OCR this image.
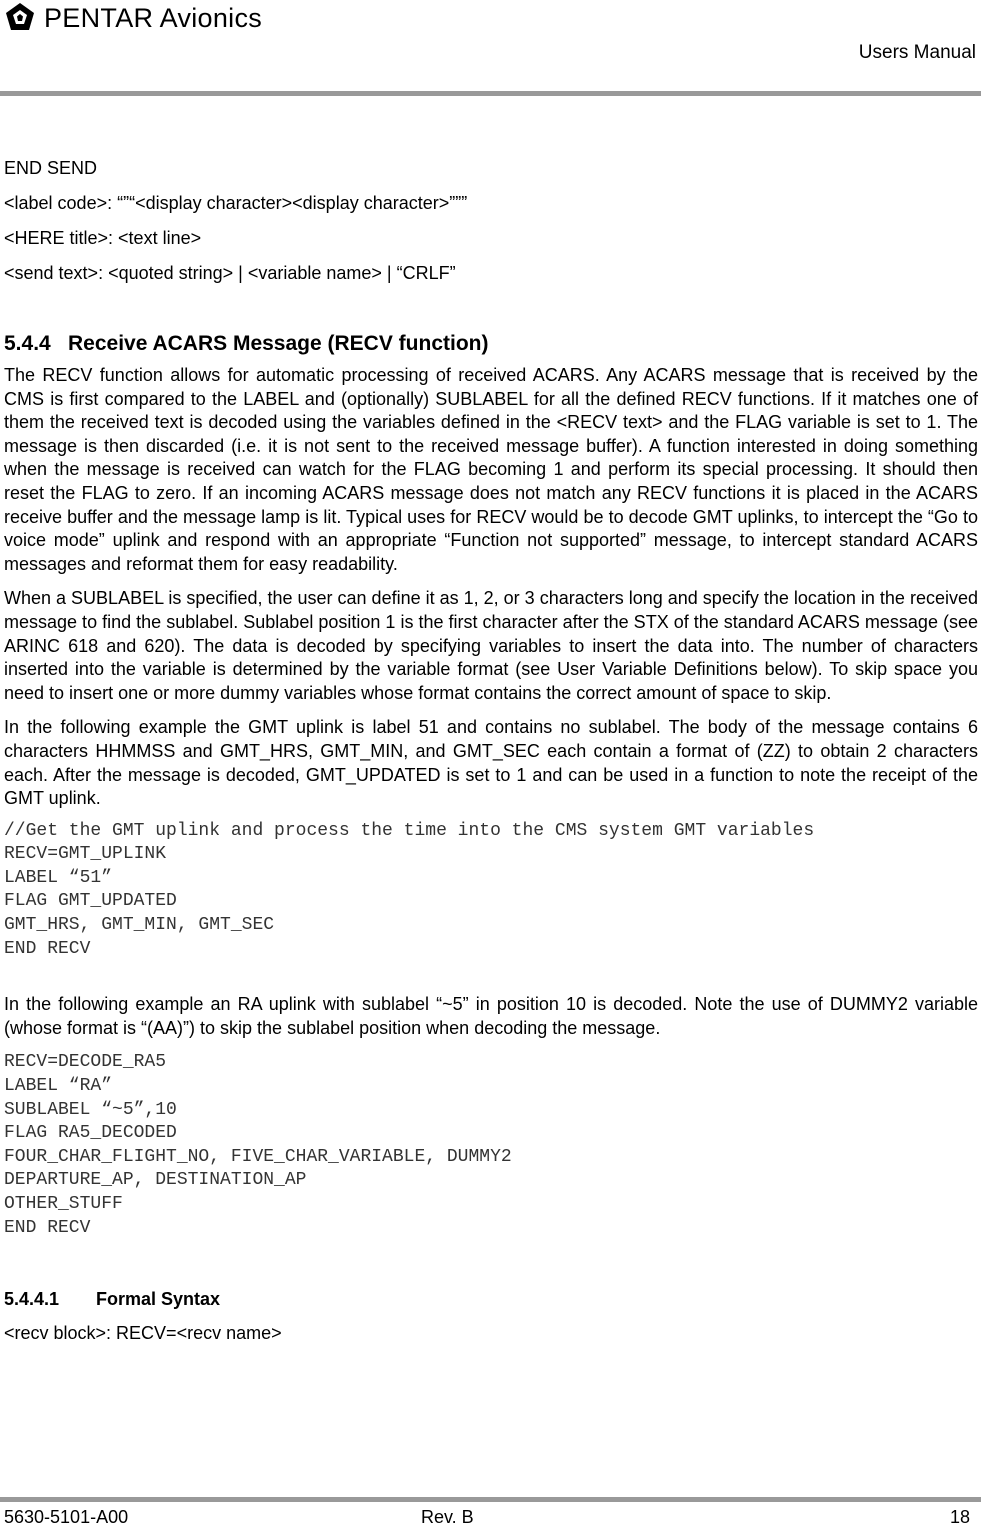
PENTAR Avionics
Users Manual
END SEND
<label code>: “”“<display character><display character>”””
<HERE title>: <text line>
<send text>: <quoted string> | <variable name> | “CRLF”
5.4.4 Receive ACARS Message (RECV function)

The RECV function allows for automatic processing of received ACARS. Any ACARS message that is received by the CMS is first compared to the LABEL and (optionally) SUBLABEL for all the defined RECV functions. If it matches one of them the received text is decoded using the variables defined in the <RECV text> and the FLAG variable is set to 1. The message is then discarded (i.e. it is not sent to the received message buffer). A function interested in doing something when the message is received can watch for the FLAG becoming 1 and perform its special processing. It should then reset the FLAG to zero. If an incoming ACARS message does not match any RECV functions it is placed in the ACARS receive buffer and the message lamp is lit. Typical uses for RECV would be to decode GMT uplinks, to intercept the “Go to voice mode” uplink and respond with an appropriate “Function not supported” message, to intercept standard ACARS messages and reformat them for easy readability.

When a SUBLABEL is specified, the user can define it as 1, 2, or 3 characters long and specify the location in the received message to find the sublabel. Sublabel position 1 is the first character after the STX of the standard ACARS message (see ARINC 618 and 620). The data is decoded by specifying variables to insert the data into. The number of characters inserted into the variable is determined by the variable format (see User Variable Definitions below). To skip space you need to insert one or more dummy variables whose format contains the correct amount of space to skip.

In the following example the GMT uplink is label 51 and contains no sublabel. The body of the message contains 6 characters HHMMSS and GMT_HRS, GMT_MIN, and GMT_SEC each contain a format of (ZZ) to obtain 2 characters each. After the message is decoded, GMT_UPDATED is set to 1 and can be used in a function to note the receipt of the GMT uplink.

//Get the GMT uplink and process the time into the CMS system GMT variables
RECV=GMT_UPLINK
LABEL “51”
FLAG GMT_UPDATED
GMT_HRS, GMT_MIN, GMT_SEC
END RECV

In the following example an RA uplink with sublabel “~5” in position 10 is decoded. Note the use of DUMMY2 variable (whose format is “(AA)”) to skip the sublabel position when decoding the message.

RECV=DECODE_RA5
LABEL “RA”
SUBLABEL “~5”,10
FLAG RA5_DECODED
FOUR_CHAR_FLIGHT_NO, FIVE_CHAR_VARIABLE, DUMMY2
DEPARTURE_AP, DESTINATION_AP
OTHER_STUFF
END RECV
5.4.4.1 Formal Syntax
<recv block>: RECV=<recv name>
5630-5101-A00	Rev. B	18
